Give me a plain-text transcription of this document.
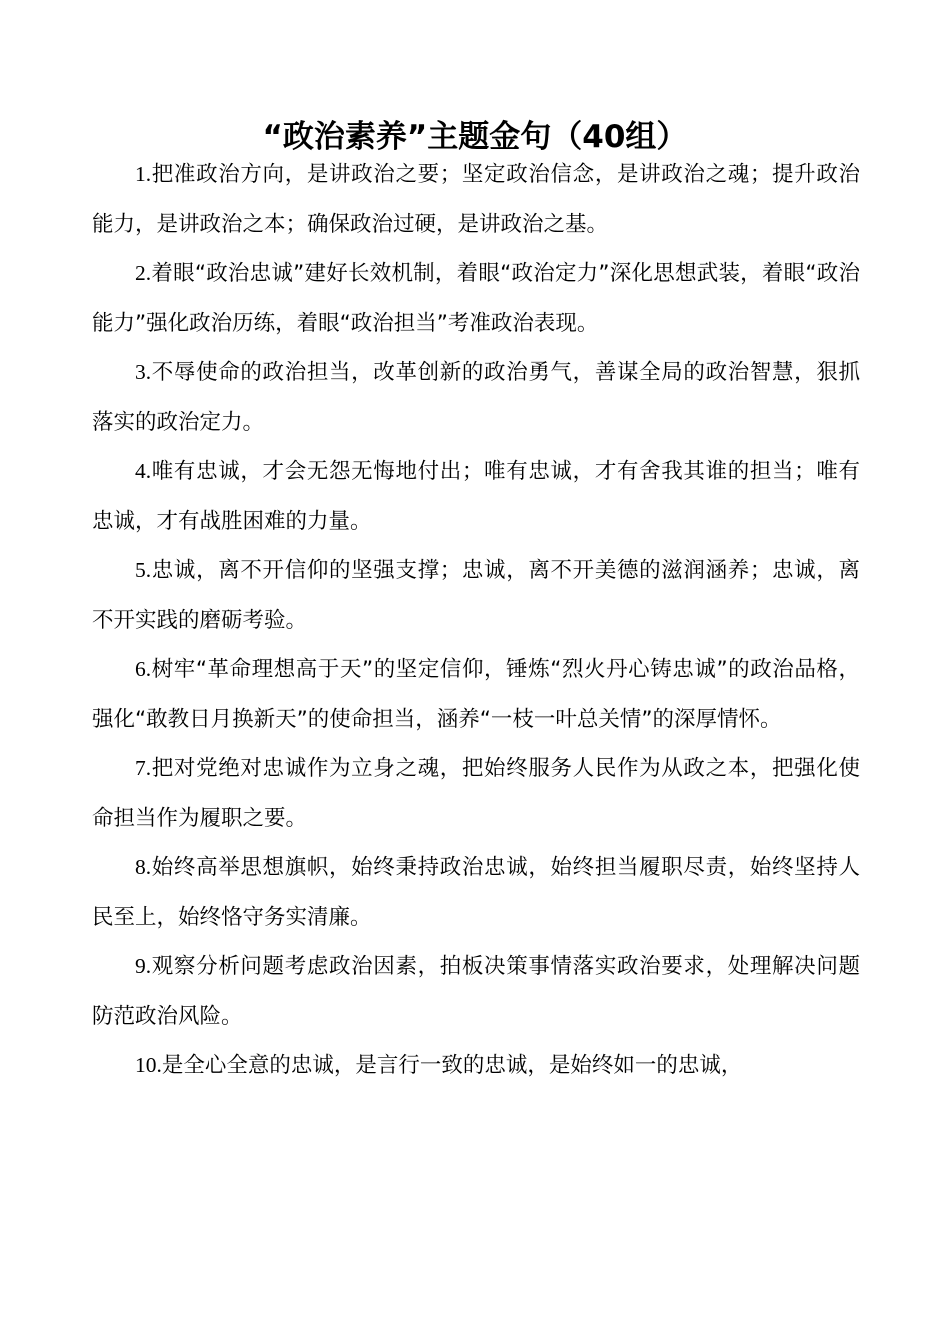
“政治素养”主题金句（40组）

1.把准政治方向，是讲政治之要；坚定政治信念，是讲政治之魂；提升政治能力，是讲政治之本；确保政治过硬，是讲政治之基。

2.着眼“政治忠诚”建好长效机制，着眼“政治定力”深化思想武装，着眼“政治能力”强化政治历练，着眼“政治担当”考准政治表现。

3.不辱使命的政治担当，改革创新的政治勇气，善谋全局的政治智慧，狠抓落实的政治定力。

4.唯有忠诚，才会无怨无悔地付出；唯有忠诚，才有舍我其谁的担当；唯有忠诚，才有战胜困难的力量。

5.忠诚，离不开信仰的坚强支撑；忠诚，离不开美德的滋润涵养；忠诚，离不开实践的磨砺考验。

6.树牢“革命理想高于天”的坚定信仰，锤炼“烈火丹心铸忠诚”的政治品格，强化“敢教日月换新天”的使命担当，涵养“一枝一叶总关情”的深厚情怀。

7.把对党绝对忠诚作为立身之魂，把始终服务人民作为从政之本，把强化使命担当作为履职之要。

8.始终高举思想旗帜，始终秉持政治忠诚，始终担当履职尽责，始终坚持人民至上，始终恪守务实清廉。

9.观察分析问题考虑政治因素，拍板决策事情落实政治要求，处理解决问题防范政治风险。

10.是全心全意的忠诚，是言行一致的忠诚，是始终如一的忠诚，
